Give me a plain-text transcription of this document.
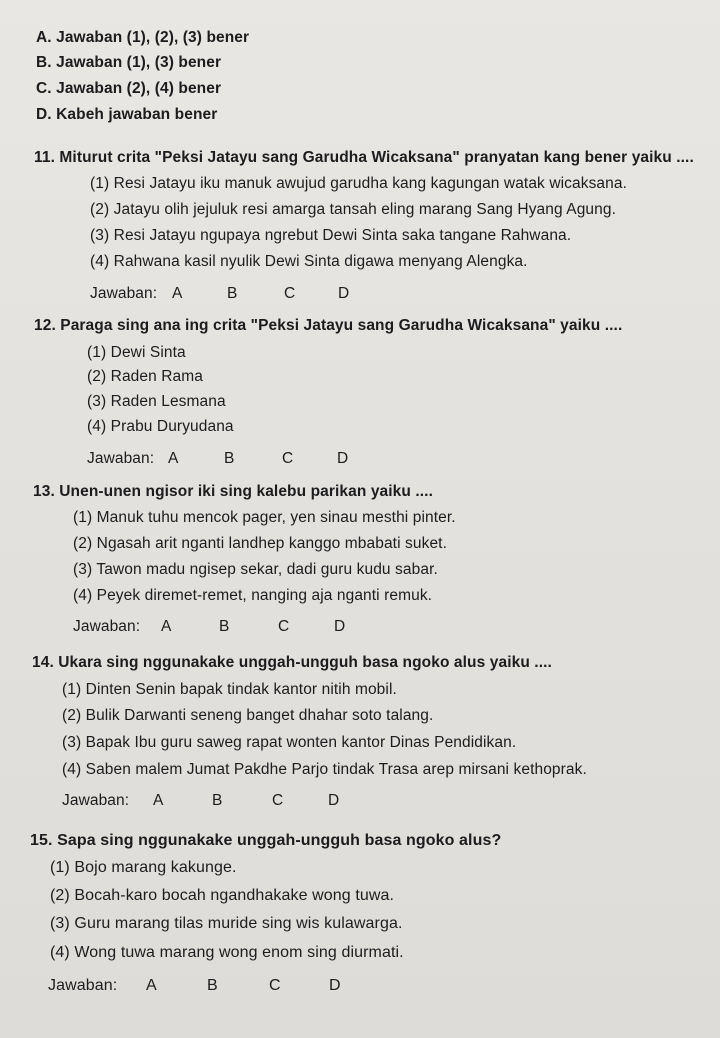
A. Jawaban (1), (2), (3) bener
B. Jawaban (1), (3) bener
C. Jawaban (2), (4) bener
D. Kabeh jawaban bener
11. Miturut crita "Peksi Jatayu sang Garudha Wicaksana" pranyatan kang bener yaiku ....
(1) Resi Jatayu iku manuk awujud garudha kang kagungan watak wicaksana.
(2) Jatayu olih jejuluk resi amarga tansah eling marang Sang Hyang Agung.
(3) Resi Jatayu ngupaya ngrebut Dewi Sinta saka tangane Rahwana.
(4) Rahwana kasil nyulik Dewi Sinta digawa menyang Alengka.
Jawaban: A	B	C	D
12. Paraga sing ana ing crita "Peksi Jatayu sang Garudha Wicaksana" yaiku ....
(1) Dewi Sinta
(2) Raden Rama
(3) Raden Lesmana
(4) Prabu Duryudana
Jawaban: A	B	C	D
13. Unen-unen ngisor iki sing kalebu parikan yaiku ....
(1) Manuk tuhu mencok pager, yen sinau mesthi pinter.
(2) Ngasah arit nganti landhep kanggo mbabati suket.
(3) Tawon madu ngisep sekar, dadi guru kudu sabar.
(4) Peyek diremet-remet, nanging aja nganti remuk.
Jawaban: A	B	C	D
14. Ukara sing nggunakake unggah-ungguh basa ngoko alus yaiku ....
(1) Dinten Senin bapak tindak kantor nitih mobil.
(2) Bulik Darwanti seneng banget dhahar soto talang.
(3) Bapak Ibu guru saweg rapat wonten kantor Dinas Pendidikan.
(4) Saben malem Jumat Pakdhe Parjo tindak Trasa arep mirsani kethoprak.
Jawaban: A	B	C	D
15. Sapa sing nggunakake unggah-ungguh basa ngoko alus?
(1) Bojo marang kakunge.
(2) Bocah-karo bocah ngandhakake wong tuwa.
(3) Guru marang tilas muride sing wis kulawarga.
(4) Wong tuwa marang wong enom sing diurmati.
Jawaban: A	B	C	D
